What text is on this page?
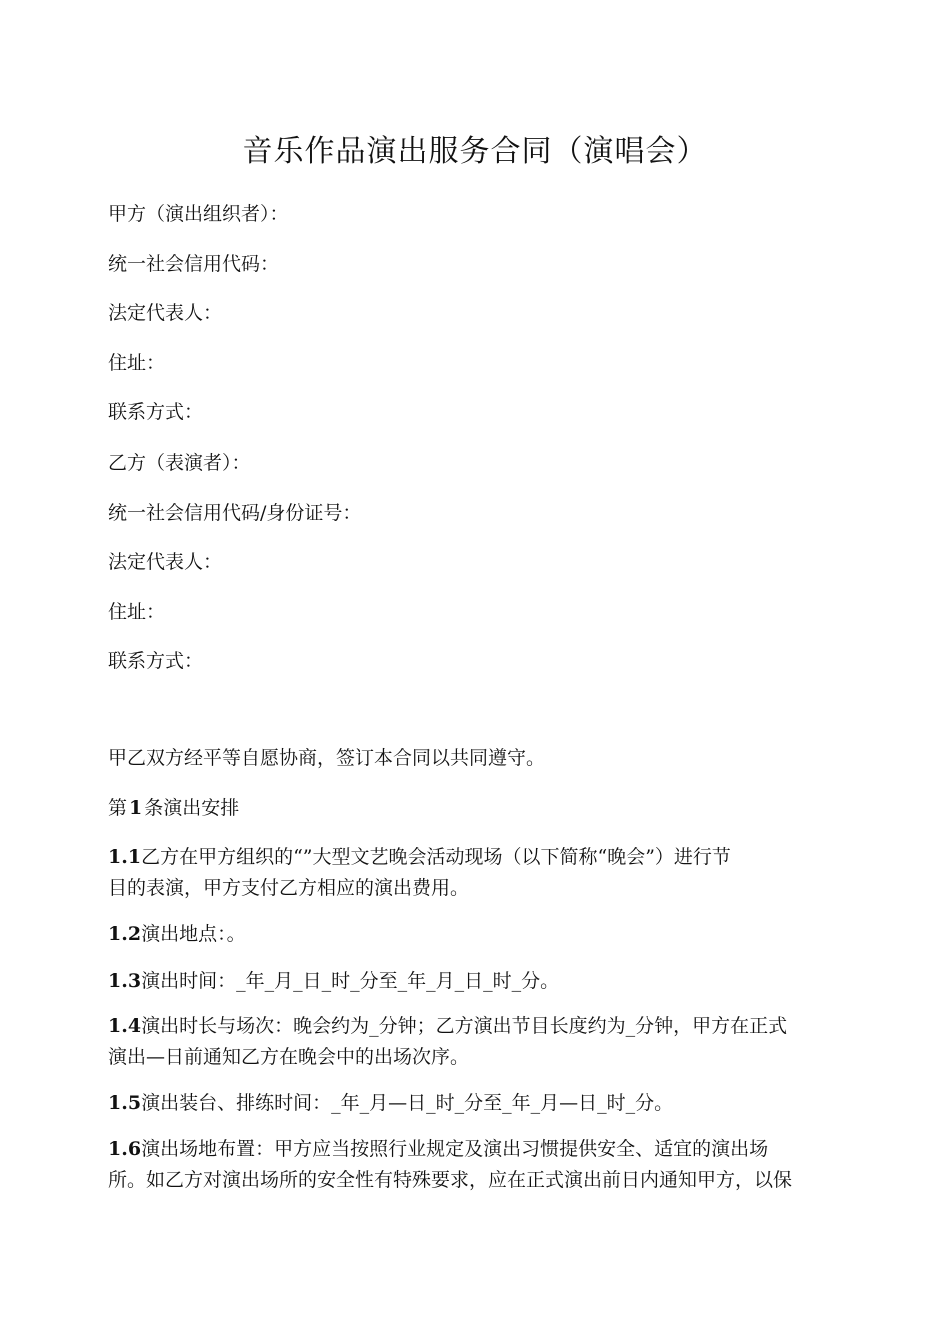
音乐作品演出服务合同（演唱会）
甲方（演出组织者）：
统一社会信用代码：
法定代表人：
住址：
联系方式：
乙方（表演者）：
统一社会信用代码/身份证号：
法定代表人：
住址：
联系方式：
甲乙双方经平等自愿协商，签订本合同以共同遵守。
第 1 条演出安排
1.1乙方在甲方组织的“”大型文艺晚会活动现场（以下简称“晚会”）进行节
目的表演，甲方支付乙方相应的演出费用。
1.2演出地点：。
1.3演出时间：_年_月_日_时_分至_年_月_日_时_分。
1.4演出时长与场次：晚会约为_分钟；乙方演出节目长度约为_分钟，甲方在正式
演出—日前通知乙方在晚会中的出场次序。
1.5演出装台、排练时间：_年_月—日_时_分至_年_月—日_时_分。
1.6演出场地布置：甲方应当按照行业规定及演出习惯提供安全、适宜的演出场
所。如乙方对演出场所的安全性有特殊要求，应在正式演出前日内通知甲方，以保
